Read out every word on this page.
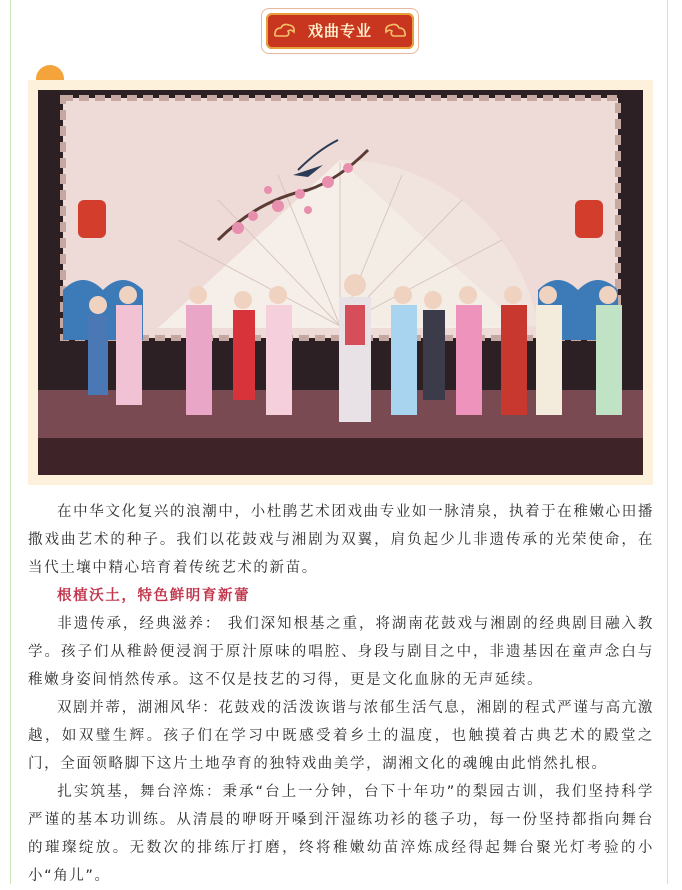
戏曲专业
在中华文化复兴的浪潮中，小杜鹃艺术团戏曲专业如一脉清泉，执着于在稚嫩心田播撒戏曲艺术的种子。我们以花鼓戏与湘剧为双翼，肩负起少儿非遗传承的光荣使命，在当代土壤中精心培育着传统艺术的新苗。
根植沃土，特色鲜明育新蕾
非遗传承，经典滋养： 我们深知根基之重，将湖南花鼓戏与湘剧的经典剧目融入教学。孩子们从稚龄便浸润于原汁原味的唱腔、身段与剧目之中，非遗基因在童声念白与稚嫩身姿间悄然传承。这不仅是技艺的习得，更是文化血脉的无声延续。
双剧并蒂，湖湘风华：花鼓戏的活泼诙谐与浓郁生活气息，湘剧的程式严谨与高亢激越，如双璧生辉。孩子们在学习中既感受着乡土的温度，也触摸着古典艺术的殿堂之门，全面领略脚下这片土地孕育的独特戏曲美学，湖湘文化的魂魄由此悄然扎根。
扎实筑基，舞台淬炼：秉承“台上一分钟，台下十年功”的梨园古训，我们坚持科学严谨的基本功训练。从清晨的咿呀开嗓到汗湿练功衫的毯子功，每一份坚持都指向舞台的璀璨绽放。无数次的排练厅打磨，终将稚嫩幼苗淬炼成经得起舞台聚光灯考验的小小“角儿”。
